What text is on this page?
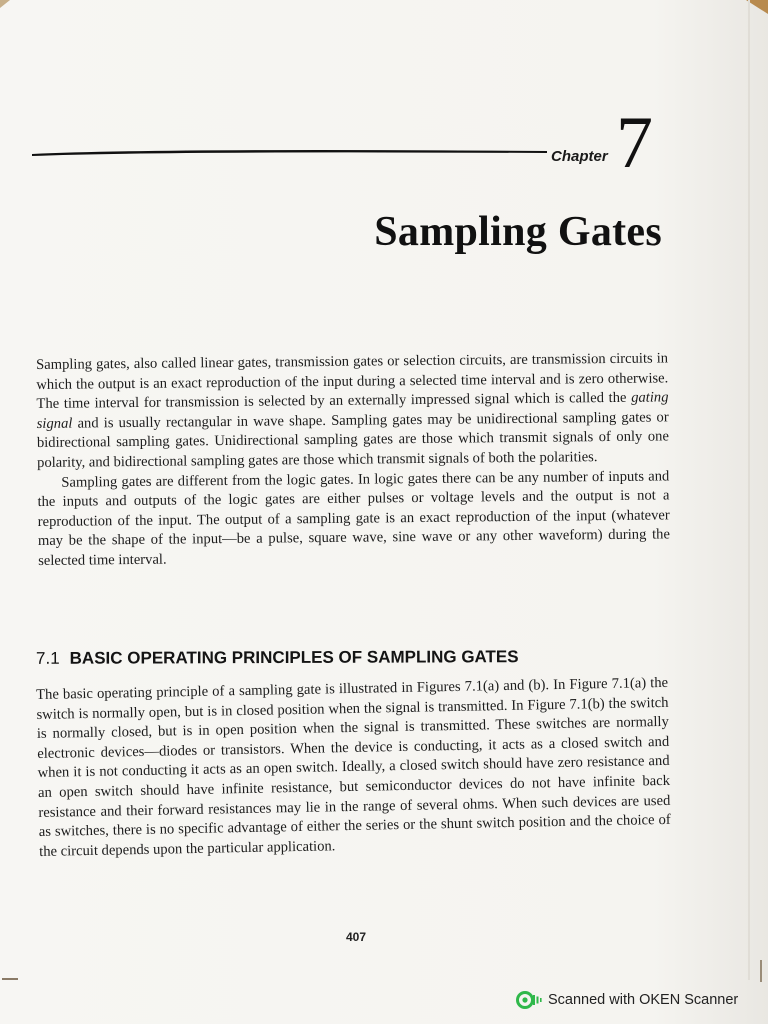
Chapter 7
Sampling Gates

Sampling gates, also called linear gates, transmission gates or selection circuits, are transmission circuits in which the output is an exact reproduction of the input during a selected time interval and is zero otherwise. The time interval for transmission is selected by an externally impressed signal which is called the gating signal and is usually rectangular in wave shape. Sampling gates may be unidirectional sampling gates or bidirectional sampling gates. Unidirectional sampling gates are those which transmit signals of only one polarity, and bidirectional sampling gates are those which transmit signals of both the polarities.

Sampling gates are different from the logic gates. In logic gates there can be any number of inputs and the inputs and outputs of the logic gates are either pulses or voltage levels and the output is not a reproduction of the input. The output of a sampling gate is an exact reproduction of the input (whatever may be the shape of the input—be a pulse, square wave, sine wave or any other waveform) during the selected time interval.

7.1 BASIC OPERATING PRINCIPLES OF SAMPLING GATES

The basic operating principle of a sampling gate is illustrated in Figures 7.1(a) and (b). In Figure 7.1(a) the switch is normally open, but is in closed position when the signal is transmitted. In Figure 7.1(b) the switch is normally closed, but is in open position when the signal is transmitted. These switches are normally electronic devices—diodes or transistors. When the device is conducting, it acts as a closed switch and when it is not conducting it acts as an open switch. Ideally, a closed switch should have zero resistance and an open switch should have infinite resistance, but semiconductor devices do not have infinite back resistance and their forward resistances may lie in the range of several ohms. When such devices are used as switches, there is no specific advantage of either the series or the shunt switch position and the choice of the circuit depends upon the particular application.

407
Scanned with OKEN Scanner
